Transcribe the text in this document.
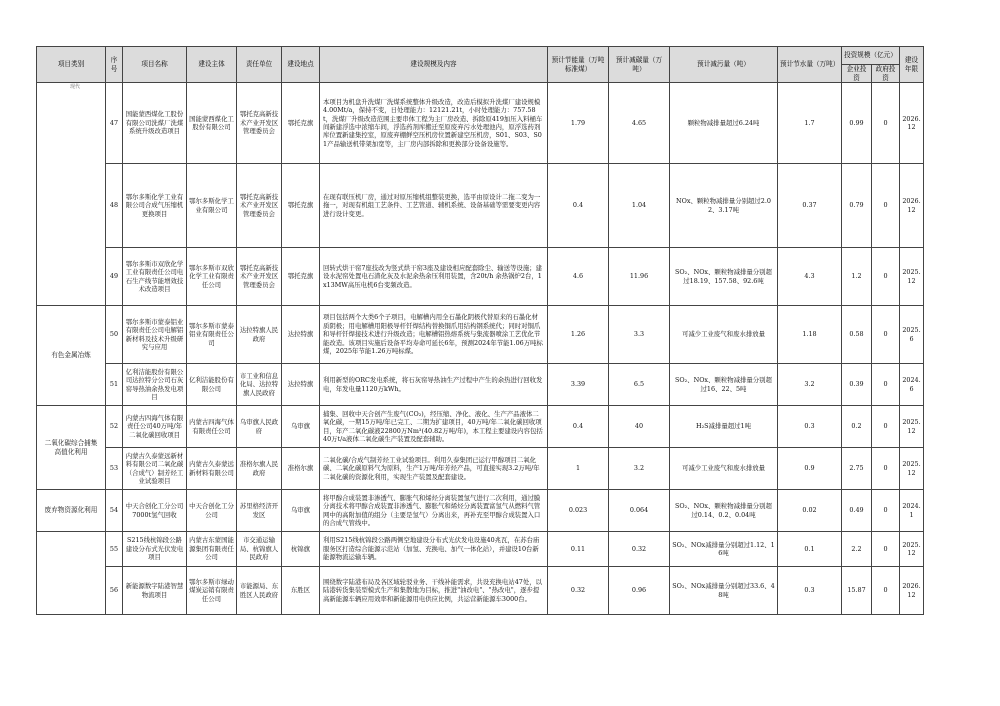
项目类别	序号	项目名称	建设主体	责任单位	建设地点	建设规模及内容	预计节能量（万吨标准煤）	预计减碳量（万吨）	预计减污量（吨）	预计节水量（万吨）	投资规模（亿元）		建设年限
											企业投资	政府投资	

	47	国能蒙西煤化工股份有限公司洗煤厂洗煤系统升级改造项目	国能蒙西煤化工股份有限公司	鄂托克高新技术产业开发区管理委员会	鄂托克旗	本项目为机盘升洗煤厂洗煤系统整体升级改造，改造后模拟升洗煤厂建设规模4.00Mt/a，保持不变，日处理能力：12121.21t，小时处理能力：757.58t，洗煤厂升级改造范围主要串体工程为主厂房改造、拆除原419加压入料桶车间新建浮选中浓缩车间，浮选药剂库搬迁至原废弃污水处理池内，原浮选药剂库位置新建集控室，原废弃棚鲜空压机房位置新建空压机房，S01、S03、S01产品输送机带架加宽等，主厂房内部拆除和更换部分设备设施等。	1.79	4.65	颗粒物减排量超过6.24吨	1.7	0.99	0	2026.12
	48	鄂尔多斯化学工业有限公司合成气压缩机更换项目	鄂尔多斯化学工业有限公司	鄂托克高新技术产业开发区管理委员会	鄂托克旗	在现有联压机厂房，通过对原压缩机组整装更换，选平由原设计二拖二变为一拖一，对现有机组工艺条件、工艺管道、辅机系统、设备基础等需要变更内容进行设计变更。	0.4	1.04	NOx、颗粒物减排量分别超过2.02、3.17吨	0.37	0.79	0	2026.12
	49	鄂尔多斯市双欣化学工业有限责任公司电石生产线节能增效技术改造项目	鄂尔多斯市双欣化学工业有限责任公司	鄂托克高新技术产业开发区管理委员会	鄂托克旗	回转式烘干窑7座技改为竖式烘干窑3座及建设相应配套除尘、输送等设施；建设水泥窑处置电石渣化灰及水泥余热余压利用装置，含20t/h 余热锅炉2台，1x13MW高压电机6台变频改造。	4.6	11.96	SO₂、NOx、颗粒物减排量分别超过18.19、157.58、92.6吨	4.3	1.2	0	2025.12

有色金属冶炼	50	鄂尔多斯市蒙泰铝业有限责任公司电解铝新材料及技术升级研究与应用	鄂尔多斯市蒙泰铝业有限责任公司	达拉特旗人民政府	达拉特旗	项目包括两个大类6个子项目，电解槽内用全石墨化阴极代替原来的石墨化材质阴极；用电解槽用阳极导杆钎焊结构替换铜爪用结构钢系统代；同时对铜爪和导杆钎焊接技术进行升级改造；电解槽铝热熔系统与集流器喷涂工艺优化节能改造。该项目实施后设备平均寿命可延长6年，预测2024年节能1.06万吨标煤，2025年节能1.26万吨标煤。	1.26	3.3	可减少工业废气和废水排放量	1.18	0.58	0	2025.6
	51	亿利洁能股份有限公司达拉特分公司石灰窑导热油余热发电项目	亿利洁能股份有限公司	市工业和信息化局、达拉特旗人民政府	达拉特旗	利用新型的ORC发电系统，将石灰窑导热油生产过程中产生的余热进行回收发电，年发电量1120万kWh。	3.39	6.5	SO₂、NOx、颗粒物减排量分别超过16、22、5吨	3.2	0.39	0	2024.6

二氧化碳综合捕集高值化利用	52	内蒙古四海气体有限责任公司40万吨/年二氧化碳回收项目	内蒙古四海气体有限责任公司	乌审旗人民政府	乌审旗	捕集、回收中天合创产生废气(CO₂)，经压缩、净化、液化、生产产品液体二氧化碳，一期15万吨/年已完工、二期为扩建项目，40万吨/年二氧化碳回收项目，年产二氧化碳液22800万Nm³(40.82万吨/年)，本工程主要建设内容包括40万t/a液体二氧化碳生产装置及配套辅助。	0.4	40	H₂S减排量超过1吨	0.3	0.2	0	2025.12
	53	内蒙古久泰蒙远新材料有限公司二氧化碳（合成气）制芳烃工业试验项目	内蒙古久泰蒙远新材料有限公司	准格尔旗人民政府	准格尔旗	二氧化碳/合成气制芳烃工业试验项目。利用久泰集团已运行甲醇项目二氧化碳、二氧化碳原料气为原料，生产1万吨/年芳烃产品，可直接实现3.2万吨/年二氧化碳的资源化利用，实现生产装置及配套建设。	1	3.2	可减少工业废气和废水排放量	0.9	2.75	0	2025.12

废弃物资源化利用	54	中天合创化工分公司7000t氢气回收	中天合创化工分公司	苏里格经济开发区	乌审旗	将甲醇合成装置非渗透气、膨胀气和烯烃分离装置氢气进行二次利用，通过膜分离技术将甲醇合成装置非渗透气、膨胀气和烯烃分离装置富氢气从燃料气管网中的高附加值的组分（主要是氢气）分离出来，再补充至甲醇合成装置入口的合成气管线中。	0.023	0.064	SO₂、NOx、颗粒物减排量分别超过0.14、0.2、0.04吨	0.02	0.49	0	2024.1

	55	S215线杭锦段公路建设分布式光伏发电项目	内蒙古东蒙国能源集团有限责任公司	市交通运输局、杭锦旗人民政府	杭锦旗	利用S215线杭锦段公路两侧空地建设分布式光伏发电设施40兆瓦，在苏台庙服务区打造综合能源示范站（加氢、充换电、加气一体化站），并建设10台新能源物流运输车辆。	0.11	0.32	SO₂、NOx减排量分别超过1.12、16吨	0.1	2.2	0	2025.12
	56	新能源数字陆港智慧物流项目	鄂尔多斯市绿动煤炭运销有限责任公司	市能源局、东胜区人民政府	东胜区	围绕数字陆港布局及各区域轮驳业务、干线补能需求，共设充换电站47处，以陆港转货集装型模式生产和集散地为目标，推进"油改电"、"热改电"，逐步提高新能源车辆应用效率和新能源用电供应比例，共运营新能源车3000台。	0.32	0.96	SO₂、NOx减排量分别超过33.6、48吨	0.3	15.87	0	2026.12
现代
